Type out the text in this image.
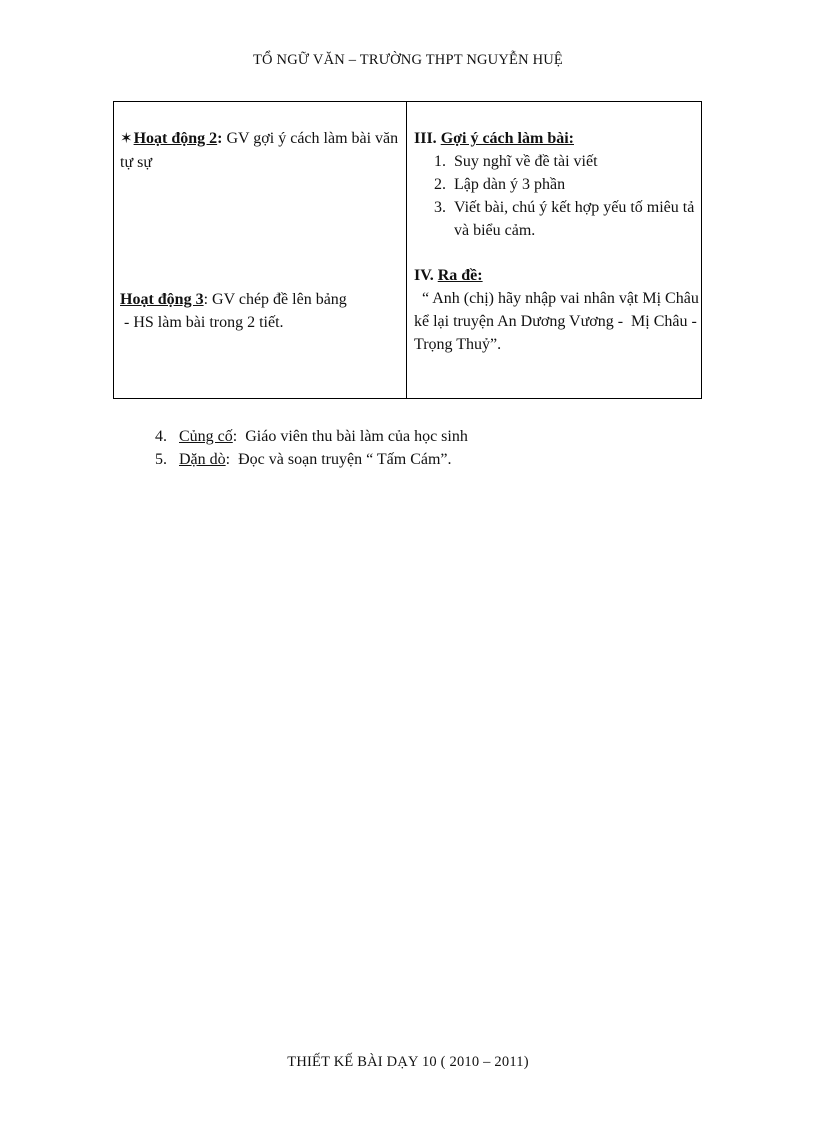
TỔ NGỮ VĂN – TRƯỜNG THPT NGUYỄN HUỆ
✶Hoạt động 2: GV gợi ý cách làm bài văn tự sự
Hoạt động 3: GV chép đề lên bảng
- HS làm bài trong 2 tiết.
III. Gợi ý cách làm bài:
1. Suy nghĩ về đề tài viết
2. Lập dàn ý 3 phần
3. Viết bài, chú ý kết hợp yếu tố miêu tả và biểu cảm.
IV. Ra đề:
“ Anh (chị) hãy nhập vai nhân vật Mị Châu kể lại truyện An Dương Vương -  Mị Châu - Trọng Thuỷ”.
4.
Củng cố :  Giáo viên thu bài làm của học sinh
5.
Dặn dò :  Đọc và soạn truyện “ Tấm Cám”.
THIẾT KẾ BÀI DẠY 10 ( 2010 – 2011)
